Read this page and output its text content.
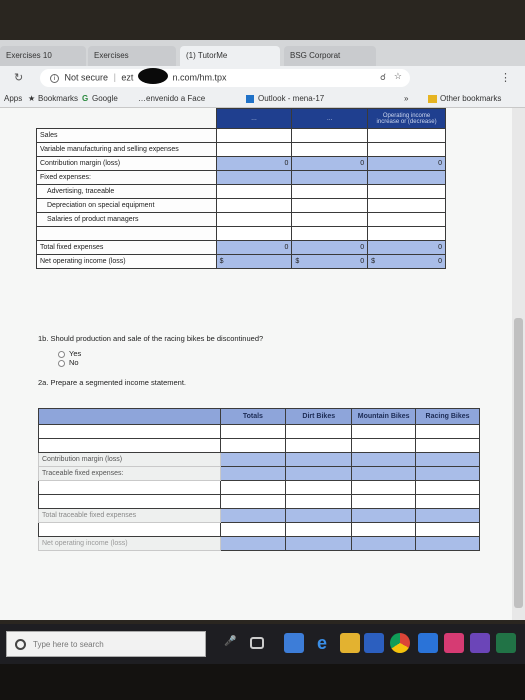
Exercises 10	Exercises	(1) TutorMe	BSG Corporat
↻	i Not secure | ezt	n.com/hm.tpx	☌ ☆	⋮
Apps ★ Bookmarks G Google	…envenido a Face	Outlook - mena-17	»	Other bookmarks
	…	…	Operating income increase or (decrease)
Sales			
Variable manufacturing and selling expenses			
Contribution margin (loss)	0	0	0
Fixed expenses:			
Advertising, traceable			
Depreciation on special equipment			
Salaries of product managers			

Total fixed expenses	0	0	0
Net operating income (loss)	$	$ 0	$ 0
1b. Should production and sale of the racing bikes be discontinued?
Yes
No
2a. Prepare a segmented income statement.
	Totals	Dirt Bikes	Mountain Bikes	Racing Bikes

Contribution margin (loss)				
Traceable fixed expenses:				

Total traceable fixed expenses				

Net operating income (loss)				
Type here to search	🎤	e
